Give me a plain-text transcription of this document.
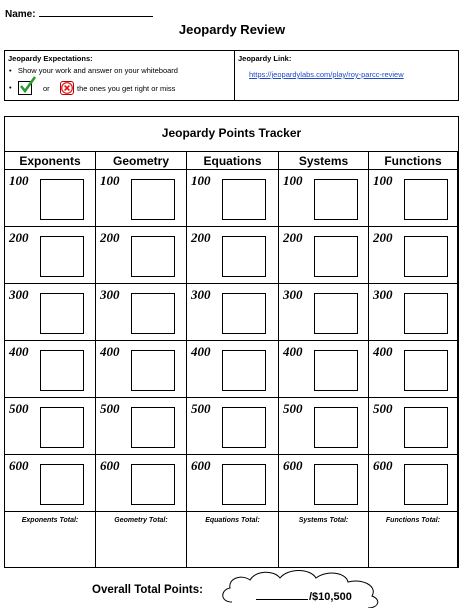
Name:
Jeopardy Review
Jeopardy Expectations:
•   Show your work and answer on your whiteboard
•	or	the ones you get right or miss
Jeopardy Link:
https://jeopardylabs.com/play/roy-parcc-review
Jeopardy Points Tracker
Exponents
100
200
300
400
500
600
Exponents Total:
Geometry
100
200
300
400
500
600
Geometry Total:
Equations
100
200
300
400
500
600
Equations Total:
Systems
100
200
300
400
500
600
Systems Total:
Functions
100
200
300
400
500
600
Functions Total:
Overall Total Points:
/$10,500
